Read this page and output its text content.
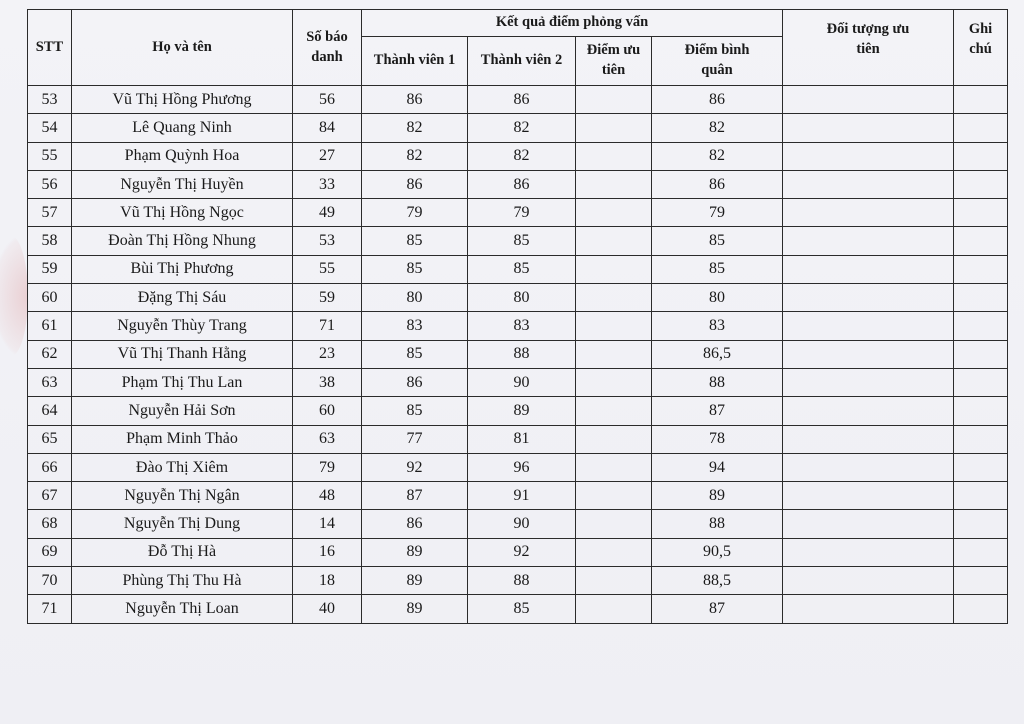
STT	Họ và tên	Số báo danh	Kết quả điểm phỏng vấn				Đối tượng ưu tiên	Ghi chú
			Thành viên 1	Thành viên 2	Điểm ưu tiên	Điểm bình quân		
53	Vũ Thị Hồng Phương	56	86	86		86		
54	Lê Quang Ninh	84	82	82		82		
55	Phạm Quỳnh Hoa	27	82	82		82		
56	Nguyễn Thị Huyền	33	86	86		86		
57	Vũ Thị Hồng Ngọc	49	79	79		79		
58	Đoàn Thị Hồng Nhung	53	85	85		85		
59	Bùi Thị Phương	55	85	85		85		
60	Đặng Thị Sáu	59	80	80		80		
61	Nguyễn Thùy Trang	71	83	83		83		
62	Vũ Thị Thanh Hằng	23	85	88		86,5		
63	Phạm Thị Thu Lan	38	86	90		88		
64	Nguyễn Hải Sơn	60	85	89		87		
65	Phạm Minh Thảo	63	77	81		78		
66	Đào Thị Xiêm	79	92	96		94		
67	Nguyễn Thị Ngân	48	87	91		89		
68	Nguyễn Thị Dung	14	86	90		88		
69	Đỗ Thị Hà	16	89	92		90,5		
70	Phùng Thị Thu Hà	18	89	88		88,5		
71	Nguyễn Thị Loan	40	89	85		87		
